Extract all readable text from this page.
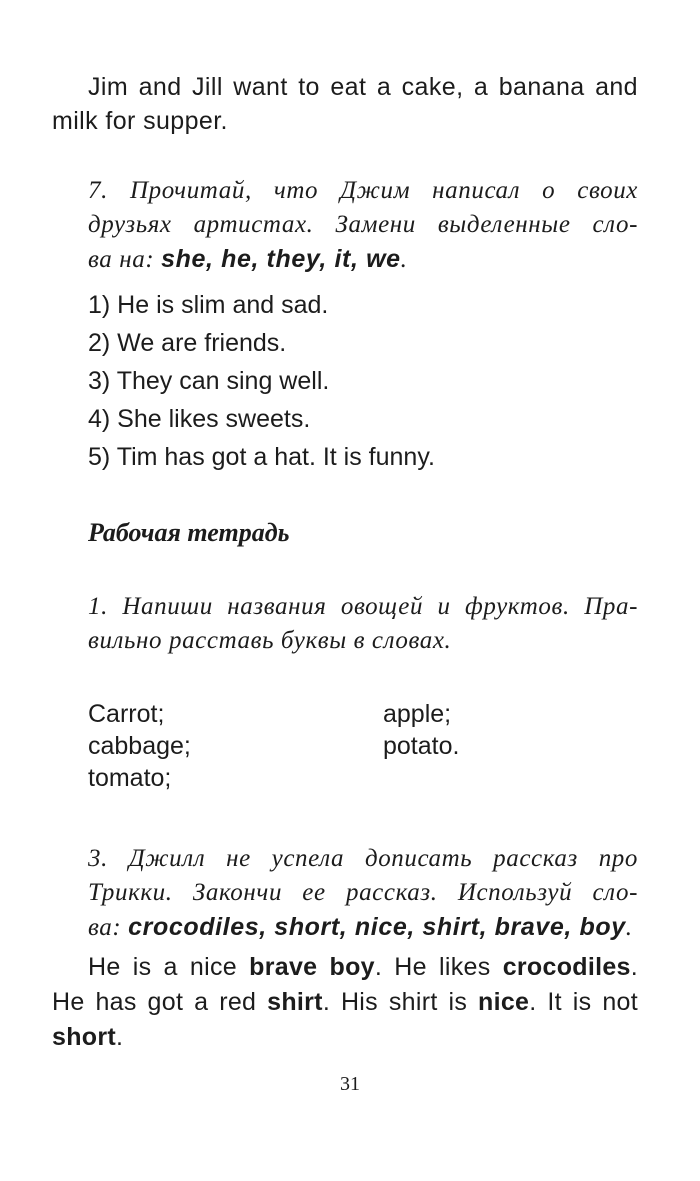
Jim and Jill want to eat a cake, a banana and
milk for supper.
7. Прочитай, что Джим написал о своих
друзьях артистах. Замени выделенные сло-
ва на: she, he, they, it, we.
1) He is slim and sad.
2) We are friends.
3) They can sing well.
4) She likes sweets.
5) Tim has got a hat. It is funny.
Рабочая тетрадь
1. Напиши названия овощей и фруктов. Пра-
вильно расставь буквы в словах.
Carrot;
cabbage;
tomato;
apple;
potato.
3. Джилл не успела дописать рассказ про
Трикки. Закончи ее рассказ. Используй сло-
ва: crocodiles, short, nice, shirt, brave, boy.
He is a nice brave boy. He likes crocodiles.
He has got a red shirt. His shirt is nice. It is not
short.
31
